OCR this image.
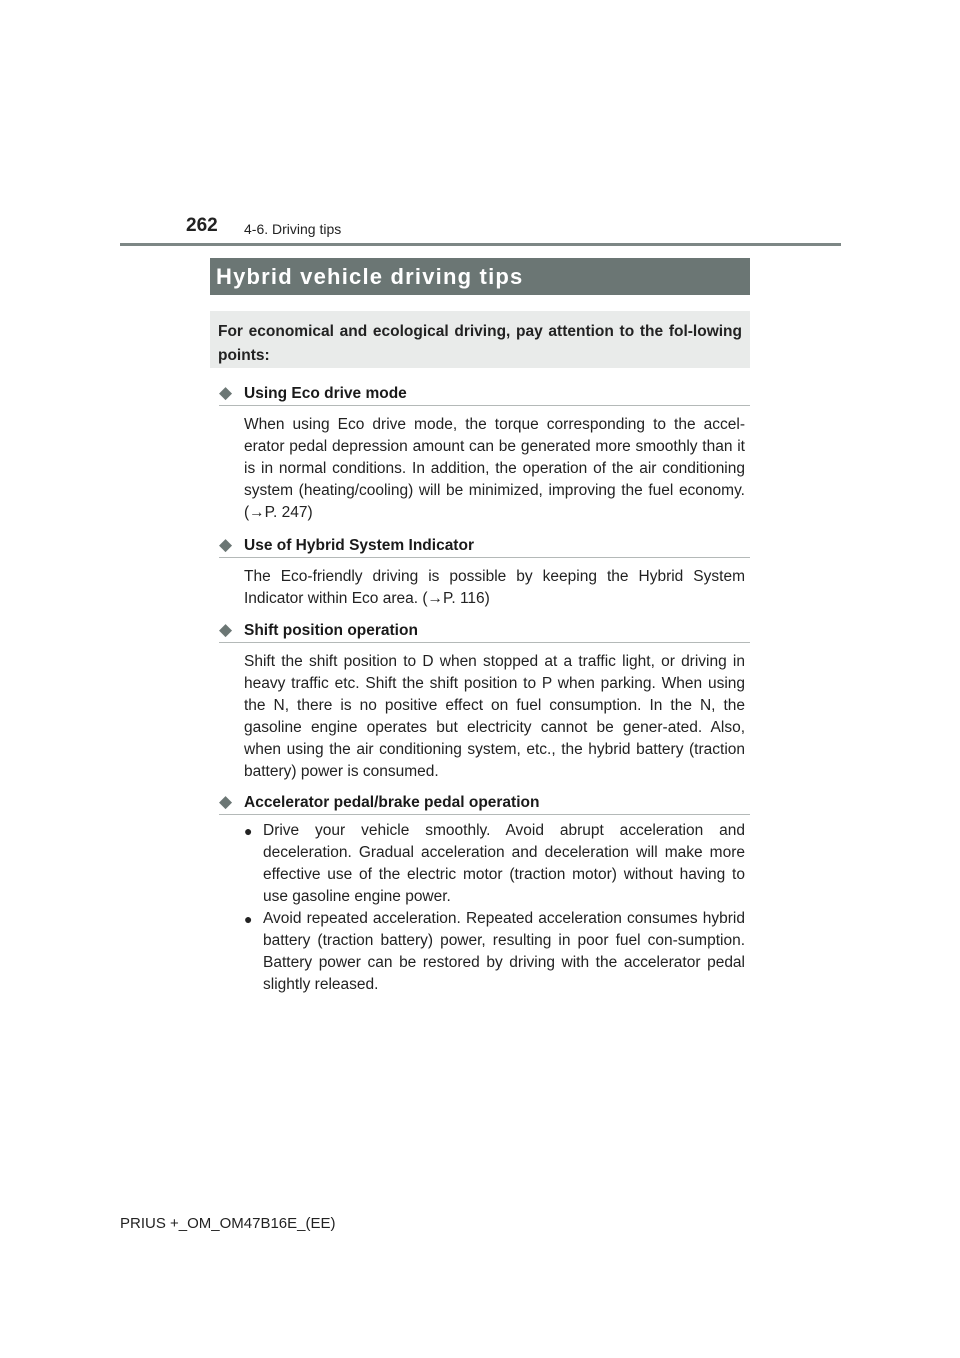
262 4-6. Driving tips
Hybrid vehicle driving tips
For economical and ecological driving, pay attention to the fol-lowing points:
◆ Using Eco drive mode
When using Eco drive mode, the torque corresponding to the accel-erator pedal depression amount can be generated more smoothly than it is in normal conditions. In addition, the operation of the air conditioning system (heating/cooling) will be minimized, improving the fuel economy. (→P. 247)
◆ Use of Hybrid System Indicator
The Eco-friendly driving is possible by keeping the Hybrid System Indicator within Eco area. (→P. 116)
◆ Shift position operation
Shift the shift position to D when stopped at a traffic light, or driving in heavy traffic etc. Shift the shift position to P when parking. When using the N, there is no positive effect on fuel consumption. In the N, the gasoline engine operates but electricity cannot be gener-ated. Also, when using the air conditioning system, etc., the hybrid battery (traction battery) power is consumed.
◆ Accelerator pedal/brake pedal operation
● Drive your vehicle smoothly. Avoid abrupt acceleration and deceleration. Gradual acceleration and deceleration will make more effective use of the electric motor (traction motor) without having to use gasoline engine power.
● Avoid repeated acceleration. Repeated acceleration consumes hybrid battery (traction battery) power, resulting in poor fuel con-sumption. Battery power can be restored by driving with the accelerator pedal slightly released.
PRIUS +_OM_OM47B16E_(EE)
